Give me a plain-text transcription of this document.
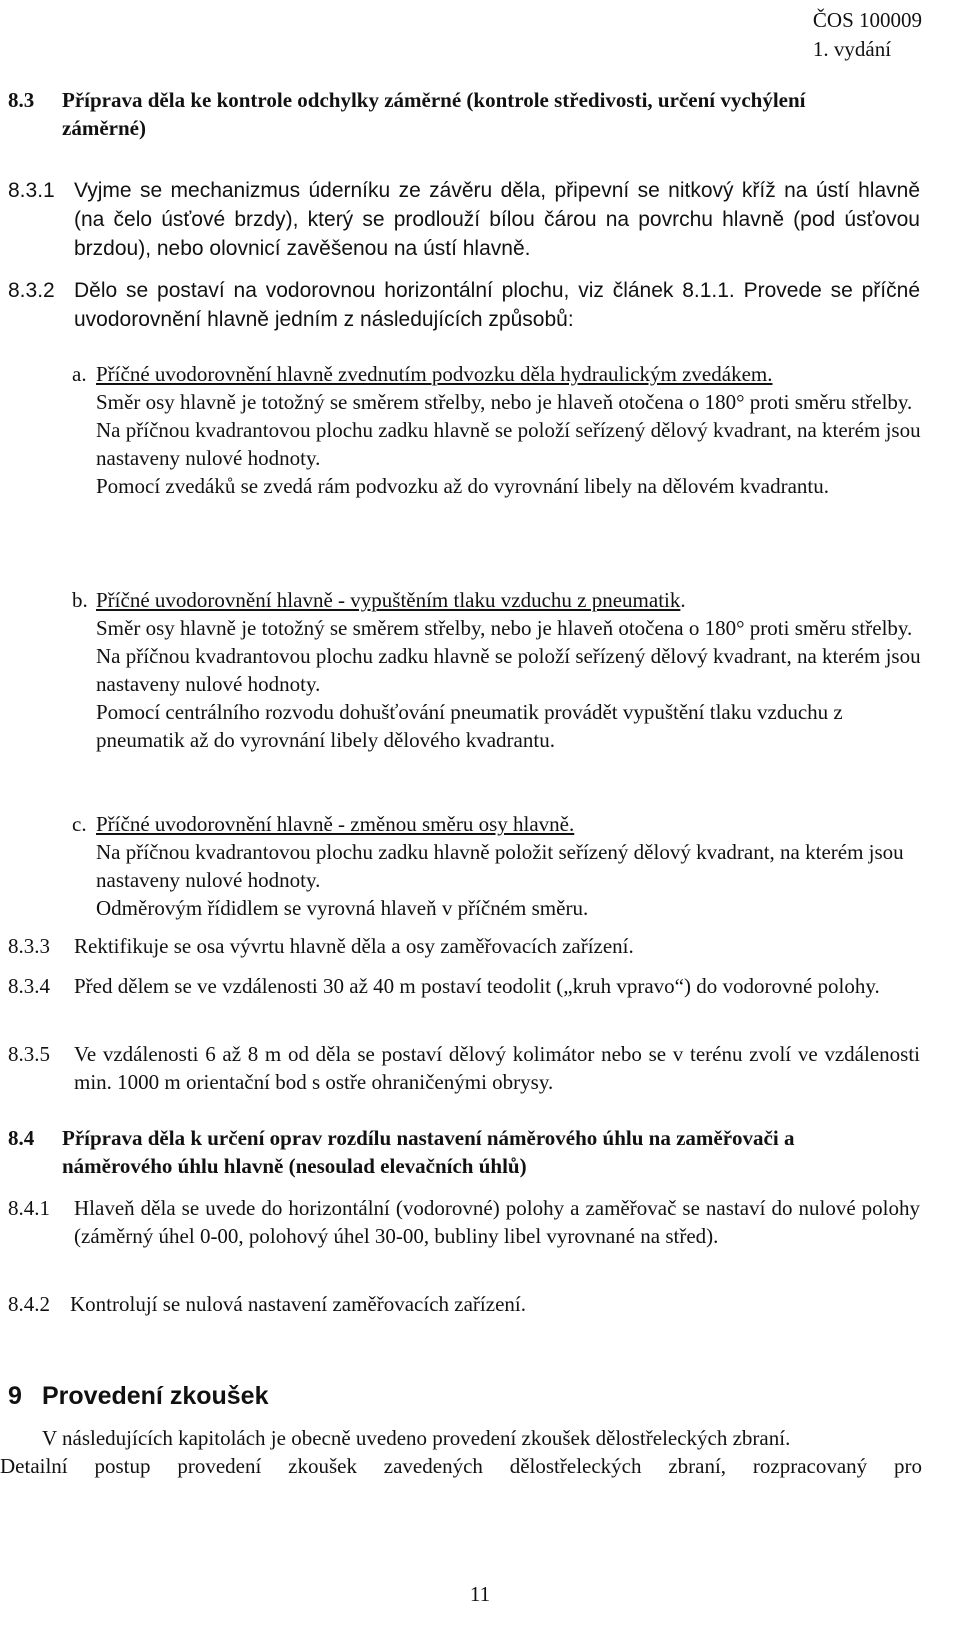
ČOS 100009
1. vydání
8.3 Příprava děla ke kontrole odchylky záměrné (kontrole středivosti, určení vychýlení záměrné)
8.3.1 Vyjme se mechanizmus úderníku ze závěru děla, připevní se nitkový kříž na ústí hlavně (na čelo úsťové brzdy), který se prodlouží bílou čárou na povrchu hlavně (pod úsťovou brzdou), nebo olovnicí zavěšenou na ústí hlavně.
8.3.2 Dělo se postaví na vodorovnou horizontální plochu, viz článek 8.1.1. Provede se příčné uvodorovnění hlavně jedním z následujících způsobů:
a. Příčné uvodorovnění hlavně zvednutím podvozku děla hydraulickým zvedákem.

Směr osy hlavně je totožný se směrem střelby, nebo je hlaveň otočena o 180° proti směru střelby.

Na příčnou kvadrantovou plochu zadku hlavně se položí seřízený dělový kvadrant, na kterém jsou nastaveny nulové hodnoty.

Pomocí zvedáků se zvedá rám podvozku až do vyrovnání libely na dělovém kvadrantu.

b. Příčné uvodorovnění hlavně - vypuštěním tlaku vzduchu z pneumatik.

Směr osy hlavně je totožný se směrem střelby, nebo je hlaveň otočena o 180° proti směru střelby.

Na příčnou kvadrantovou plochu zadku hlavně se položí seřízený dělový kvadrant, na kterém jsou nastaveny nulové hodnoty.

Pomocí centrálního rozvodu dohušťování pneumatik provádět vypuštění tlaku vzduchu z pneumatik až do vyrovnání libely dělového kvadrantu.

c. Příčné uvodorovnění hlavně - změnou směru osy hlavně.

Na příčnou kvadrantovou plochu zadku hlavně položit seřízený dělový kvadrant, na kterém jsou nastaveny nulové hodnoty.

Odměrovým řídidlem se vyrovná hlaveň v příčném směru.

8.3.3 Rektifikuje se osa vývrtu hlavně děla a osy zaměřovacích zařízení.
8.3.4 Před dělem se ve vzdálenosti 30 až 40 m postaví teodolit („kruh vpravo“) do vodorovné polohy.
8.3.5 Ve vzdálenosti 6 až 8 m od děla se postaví dělový kolimátor nebo se v terénu zvolí ve vzdálenosti min. 1000 m orientační bod s ostře ohraničenými obrysy.
8.4 Příprava děla k určení oprav rozdílu nastavení náměrového úhlu na zaměřovači a náměrového úhlu hlavně (nesoulad elevačních úhlů)
8.4.1 Hlaveň děla se uvede do horizontální (vodorovné) polohy a zaměřovač se nastaví do nulové polohy (záměrný úhel 0-00, polohový úhel 30-00, bubliny libel vyrovnané na střed).
8.4.2 Kontrolují se nulová nastavení zaměřovacích zařízení.
9 Provedení zkoušek

V následujících kapitolách je obecně uvedeno provedení zkoušek dělostřeleckých zbraní.

Detailní postup provedení zkoušek zavedených dělostřeleckých zbraní, rozpracovaný pro

11
